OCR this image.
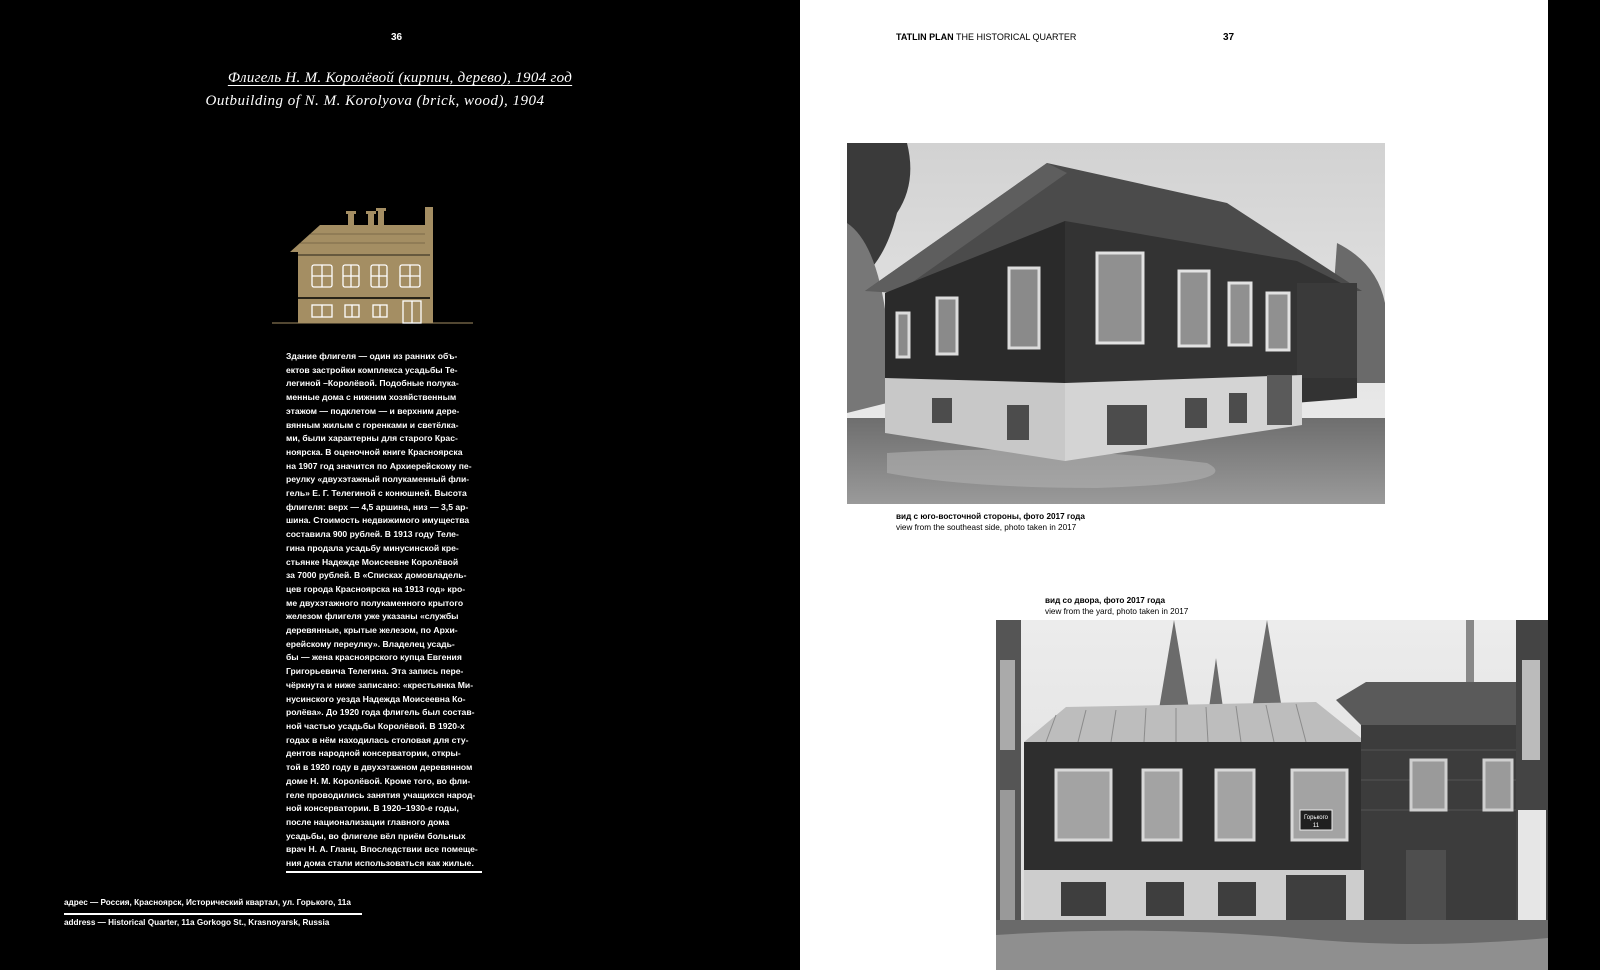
36
Флигель Н. М. Королёвой (кирпич, дерево), 1904 год
Outbuilding of N. M. Korolyova (brick, wood), 1904
Здание флигеля — один из ранних объ-
ектов застройки комплекса усадьбы Те-
легиной –Королёвой. Подобные полука-
менные дома с нижним хозяйственным
этажом — подклетом — и верхним дере-
вянным жилым с горенками и светёлка-
ми, были характерны для старого Крас-
ноярска. В оценочной книге Красноярска
на 1907 год значится по Архиерейскому пе-
реулку «двухэтажный полукаменный фли-
гель» Е. Г. Телегиной с конюшней. Высота
флигеля: верх — 4,5 аршина, низ — 3,5 ар-
шина. Стоимость недвижимого имущества
составила 900 рублей. В 1913 году Теле-
гина продала усадьбу минусинской кре-
стьянке Надежде Моисеевне Королёвой
за 7000 рублей. В «Списках домовладель-
цев города Красноярска на 1913 год» кро-
ме двухэтажного полукаменного крытого
железом флигеля уже указаны «службы
деревянные, крытые железом, по Архи-
ерейскому переулку». Владелец усадь-
бы — жена красноярского купца Евгения
Григорьевича Телегина. Эта запись пере-
чёркнута и ниже записано: «крестьянка Ми-
нусинского уезда Надежда Моисеевна Ко-
ролёва». До 1920 года флигель был состав-
ной частью усадьбы Королёвой. В 1920-х
годах в нём находилась столовая для сту-
дентов народной консерватории, откры-
той в 1920 году в двухэтажном деревянном
доме Н. М. Королёвой. Кроме того, во фли-
геле проводились занятия учащихся народ-
ной консерватории. В 1920–1930-е годы,
после национализации главного дома
усадьбы, во флигеле вёл приём больных
врач Н. А. Гланц. Впоследствии все помеще-
ния дома стали использоваться как жилые.
адрес — Россия, Красноярск, Исторический квартал, ул. Горького, 11а
address — Historical Quarter, 11a Gorkogo St., Krasnoyarsk, Russia
TATLIN PLAN THE HISTORICAL QUARTER	37
вид с юго-восточной стороны, фото 2017 года
view from the southeast side, photo taken in 2017
вид со двора, фото 2017 года
view from the yard, photo taken in 2017
Горького
11
